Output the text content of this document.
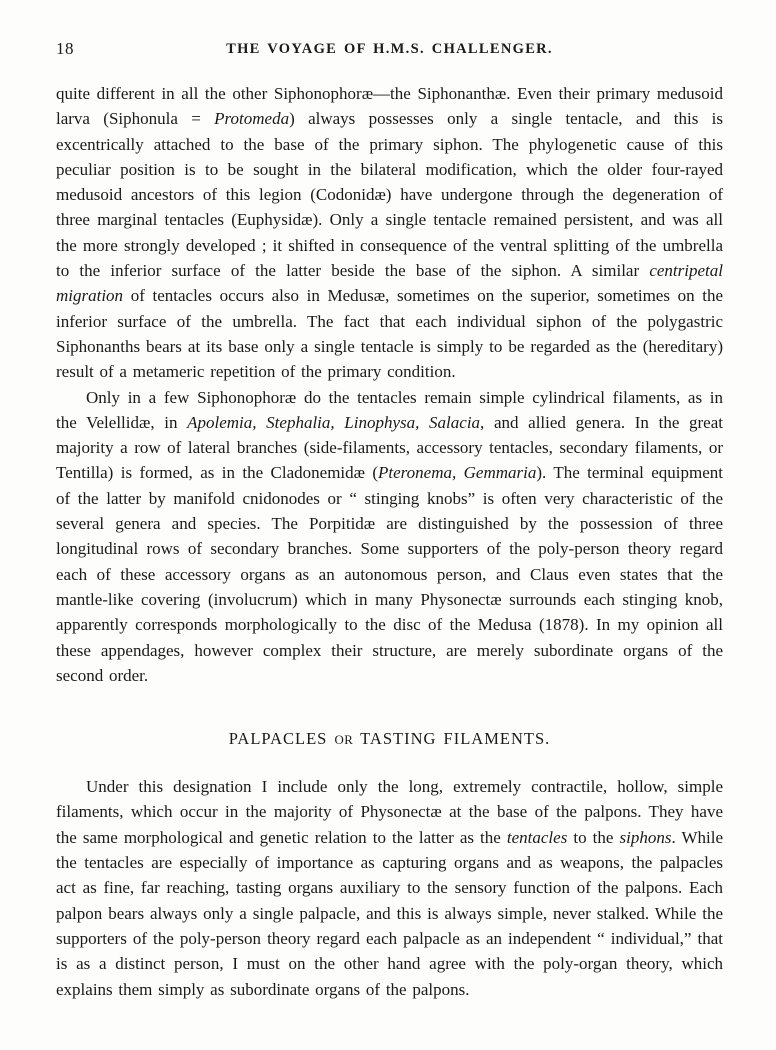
18	THE VOYAGE OF H.M.S. CHALLENGER.

quite different in all the other Siphonophoræ—the Siphonanthæ. Even their primary medusoid larva (Siphonula = Protomeda) always possesses only a single tentacle, and this is excentrically attached to the base of the primary siphon. The phylogenetic cause of this peculiar position is to be sought in the bilateral modification, which the older four-rayed medusoid ancestors of this legion (Codonidæ) have undergone through the degeneration of three marginal tentacles (Euphysidæ). Only a single tentacle remained persistent, and was all the more strongly developed ; it shifted in consequence of the ventral splitting of the umbrella to the inferior surface of the latter beside the base of the siphon. A similar centripetal migration of tentacles occurs also in Medusæ, sometimes on the superior, sometimes on the inferior surface of the umbrella. The fact that each individual siphon of the polygastric Siphonanths bears at its base only a single tentacle is simply to be regarded as the (hereditary) result of a metameric repetition of the primary condition.

Only in a few Siphonophoræ do the tentacles remain simple cylindrical filaments, as in the Velellidæ, in Apolemia, Stephalia, Linophysa, Salacia, and allied genera. In the great majority a row of lateral branches (side-filaments, accessory tentacles, secondary filaments, or Tentilla) is formed, as in the Cladonemidæ (Pteronema, Gemmaria). The terminal equipment of the latter by manifold cnidonodes or “ stinging knobs” is often very characteristic of the several genera and species. The Porpitidæ are distinguished by the possession of three longitudinal rows of secondary branches. Some supporters of the poly-person theory regard each of these accessory organs as an autonomous person, and Claus even states that the mantle-like covering (involucrum) which in many Physonectæ surrounds each stinging knob, apparently corresponds morphologically to the disc of the Medusa (1878). In my opinion all these appendages, however complex their structure, are merely subordinate organs of the second order.

PALPACLES OR TASTING FILAMENTS.

Under this designation I include only the long, extremely contractile, hollow, simple filaments, which occur in the majority of Physonectæ at the base of the palpons. They have the same morphological and genetic relation to the latter as the tentacles to the siphons. While the tentacles are especially of importance as capturing organs and as weapons, the palpacles act as fine, far reaching, tasting organs auxiliary to the sensory function of the palpons. Each palpon bears always only a single palpacle, and this is always simple, never stalked. While the supporters of the poly-person theory regard each palpacle as an independent “ individual,” that is as a distinct person, I must on the other hand agree with the poly-organ theory, which explains them simply as subordinate organs of the palpons.
